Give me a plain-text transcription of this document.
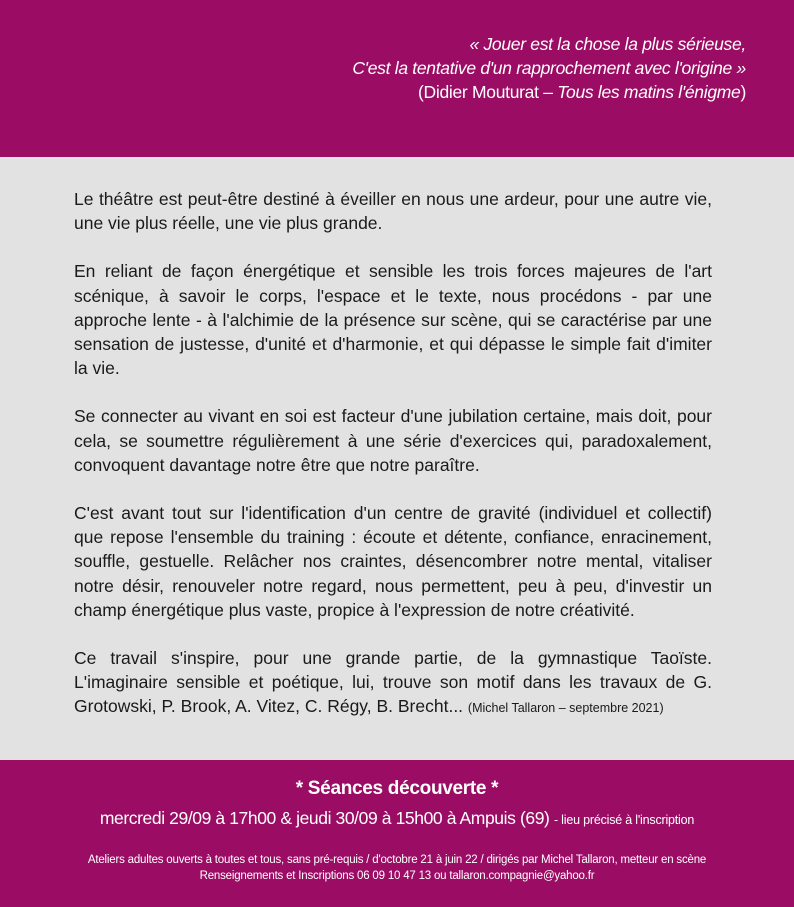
« Jouer est la chose la plus sérieuse,
C'est la tentative d'un rapprochement avec l'origine »
(Didier Mouturat – Tous les matins l'énigme)

Le théâtre est peut-être destiné à éveiller en nous une ardeur, pour une autre vie, une vie plus réelle, une vie plus grande.

En reliant de façon énergétique et sensible les trois forces majeures de l'art scénique, à savoir le corps, l'espace et le texte, nous procédons - par une approche lente - à l'alchimie de la présence sur scène, qui se caractérise par une sensation de justesse, d'unité et d'harmonie, et qui dépasse le simple fait d'imiter la vie.

Se connecter au vivant en soi est facteur d'une jubilation certaine, mais doit, pour cela, se soumettre régulièrement à une série d'exercices qui, paradoxalement, convoquent davantage notre être que notre paraître.

C'est avant tout sur l'identification d'un centre de gravité (individuel et collectif) que repose l'ensemble du training : écoute et détente, confiance, enracinement, souffle, gestuelle. Relâcher nos craintes, désencombrer notre mental, vitaliser notre désir, renouveler notre regard, nous permettent, peu à peu, d'investir un champ énergétique plus vaste, propice à l'expression de notre créativité.

Ce travail s'inspire, pour une grande partie, de la gymnastique Taoïste. L'imaginaire sensible et poétique, lui, trouve son motif dans les travaux de G. Grotowski, P. Brook, A. Vitez, C. Régy, B. Brecht... (Michel Tallaron – septembre 2021)

* Séances découverte *
mercredi 29/09 à 17h00 & jeudi 30/09 à 15h00 à Ampuis (69) - lieu précisé à l'inscription
Ateliers adultes ouverts à toutes et tous, sans pré-requis / d'octobre 21 à juin 22 / dirigés par Michel Tallaron, metteur en scène
Renseignements et Inscriptions 06 09 10 47 13 ou tallaron.compagnie@yahoo.fr
